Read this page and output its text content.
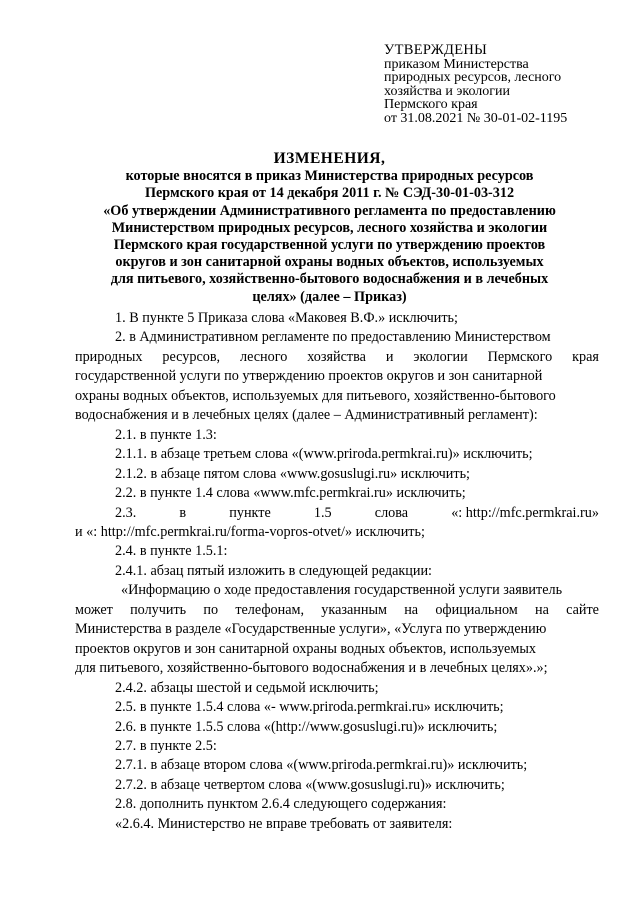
УТВЕРЖДЕНЫ
приказом Министерства
природных ресурсов, лесного
хозяйства и экологии
Пермского края
от 31.08.2021 № 30-01-02-1195
ИЗМЕНЕНИЯ,
которые вносятся в приказ Министерства природных ресурсов
Пермского края от 14 декабря 2011 г. № СЭД-30-01-03-312
«Об утверждении Административного регламента по предоставлению
Министерством природных ресурсов, лесного хозяйства и экологии
Пермского края государственной услуги по утверждению проектов
округов и зон санитарной охраны водных объектов, используемых
для питьевого, хозяйственно-бытового водоснабжения и в лечебных
целях» (далее – Приказ)
1. В пункте 5 Приказа слова «Маковея В.Ф.» исключить;
2. в Административном регламенте по предоставлению Министерством
природных ресурсов, лесного хозяйства и экологии Пермского края
государственной услуги по утверждению проектов округов и зон санитарной
охраны водных объектов, используемых для питьевого, хозяйственно-бытового
водоснабжения и в лечебных целях (далее – Административный регламент):
2.1. в пункте 1.3:
2.1.1. в абзаце третьем слова «(www.priroda.permkrai.ru)» исключить;
2.1.2. в абзаце пятом слова «www.gosuslugi.ru» исключить;
2.2. в пункте 1.4 слова «www.mfc.permkrai.ru» исключить;
2.3.	в	пункте	1.5	слова	«: http://mfc.permkrai.ru»
и «: http://mfc.permkrai.ru/forma-vopros-otvet/» исключить;
2.4. в пункте 1.5.1:
2.4.1. абзац пятый изложить в следующей редакции:
«Информацию о ходе предоставления государственной услуги заявитель
может получить по телефонам, указанным на официальном на сайте
Министерства в разделе «Государственные услуги», «Услуга по утверждению
проектов округов и зон санитарной охраны водных объектов, используемых
для питьевого, хозяйственно-бытового водоснабжения и в лечебных целях».»;
2.4.2. абзацы шестой и седьмой исключить;
2.5. в пункте 1.5.4 слова «- www.priroda.permkrai.ru» исключить;
2.6. в пункте 1.5.5 слова «(http://www.gosuslugi.ru)» исключить;
2.7. в пункте 2.5:
2.7.1. в абзаце втором слова «(www.priroda.permkrai.ru)» исключить;
2.7.2. в абзаце четвертом слова «(www.gosuslugi.ru)» исключить;
2.8. дополнить пунктом 2.6.4 следующего содержания:
«2.6.4. Министерство не вправе требовать от заявителя:
